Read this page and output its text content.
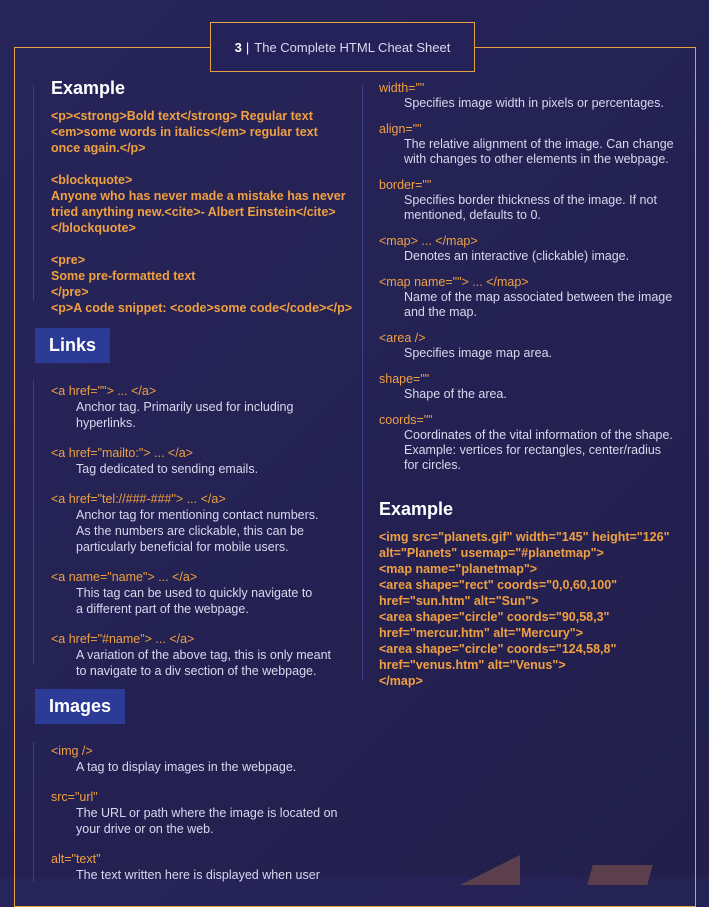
3 | The Complete HTML Cheat Sheet
Example
<p><strong>Bold text</strong> Regular text
<em>some words in italics</em> regular text
once again.</p>
<blockquote>
Anyone who has never made a mistake has never
tried anything new.<cite>- Albert Einstein</cite>
</blockquote>
<pre>
Some pre-formatted text
</pre>
<p>A code snippet: <code>some code</code></p>
Links
<a href=""> ... </a>
Anchor tag. Primarily used for including
hyperlinks.
<a href="mailto:"> ... </a>
Tag dedicated to sending emails.
<a href="tel://###-###"> ... </a>
Anchor tag for mentioning contact numbers.
As the numbers are clickable, this can be
particularly beneficial for mobile users.
<a name="name"> ... </a>
This tag can be used to quickly navigate to
a different part of the webpage.
<a href="#name"> ... </a>
A variation of the above tag, this is only meant
to navigate to a div section of the webpage.
Images
<img />
A tag to display images in the webpage.
src="url"
The URL or path where the image is located on
your drive or on the web.
alt="text"
The text written here is displayed when user
width=""
Specifies image width in pixels or percentages.
align=""
The relative alignment of the image. Can change
with changes to other elements in the webpage.
border=""
Specifies border thickness of the image. If not
mentioned, defaults to 0.
<map> ... </map>
Denotes an interactive (clickable) image.
<map name=""> ... </map>
Name of the map associated between the image
and the map.
<area />
Specifies image map area.
shape=""
Shape of the area.
coords=""
Coordinates of the vital information of the shape.
Example: vertices for rectangles, center/radius
for circles.
Example
<img src="planets.gif" width="145" height="126"
alt="Planets" usemap="#planetmap">
<map name="planetmap">
<area shape="rect" coords="0,0,60,100"
href="sun.htm" alt="Sun">
<area shape="circle" coords="90,58,3"
href="mercur.htm" alt="Mercury">
<area shape="circle" coords="124,58,8"
href="venus.htm" alt="Venus">
</map>
